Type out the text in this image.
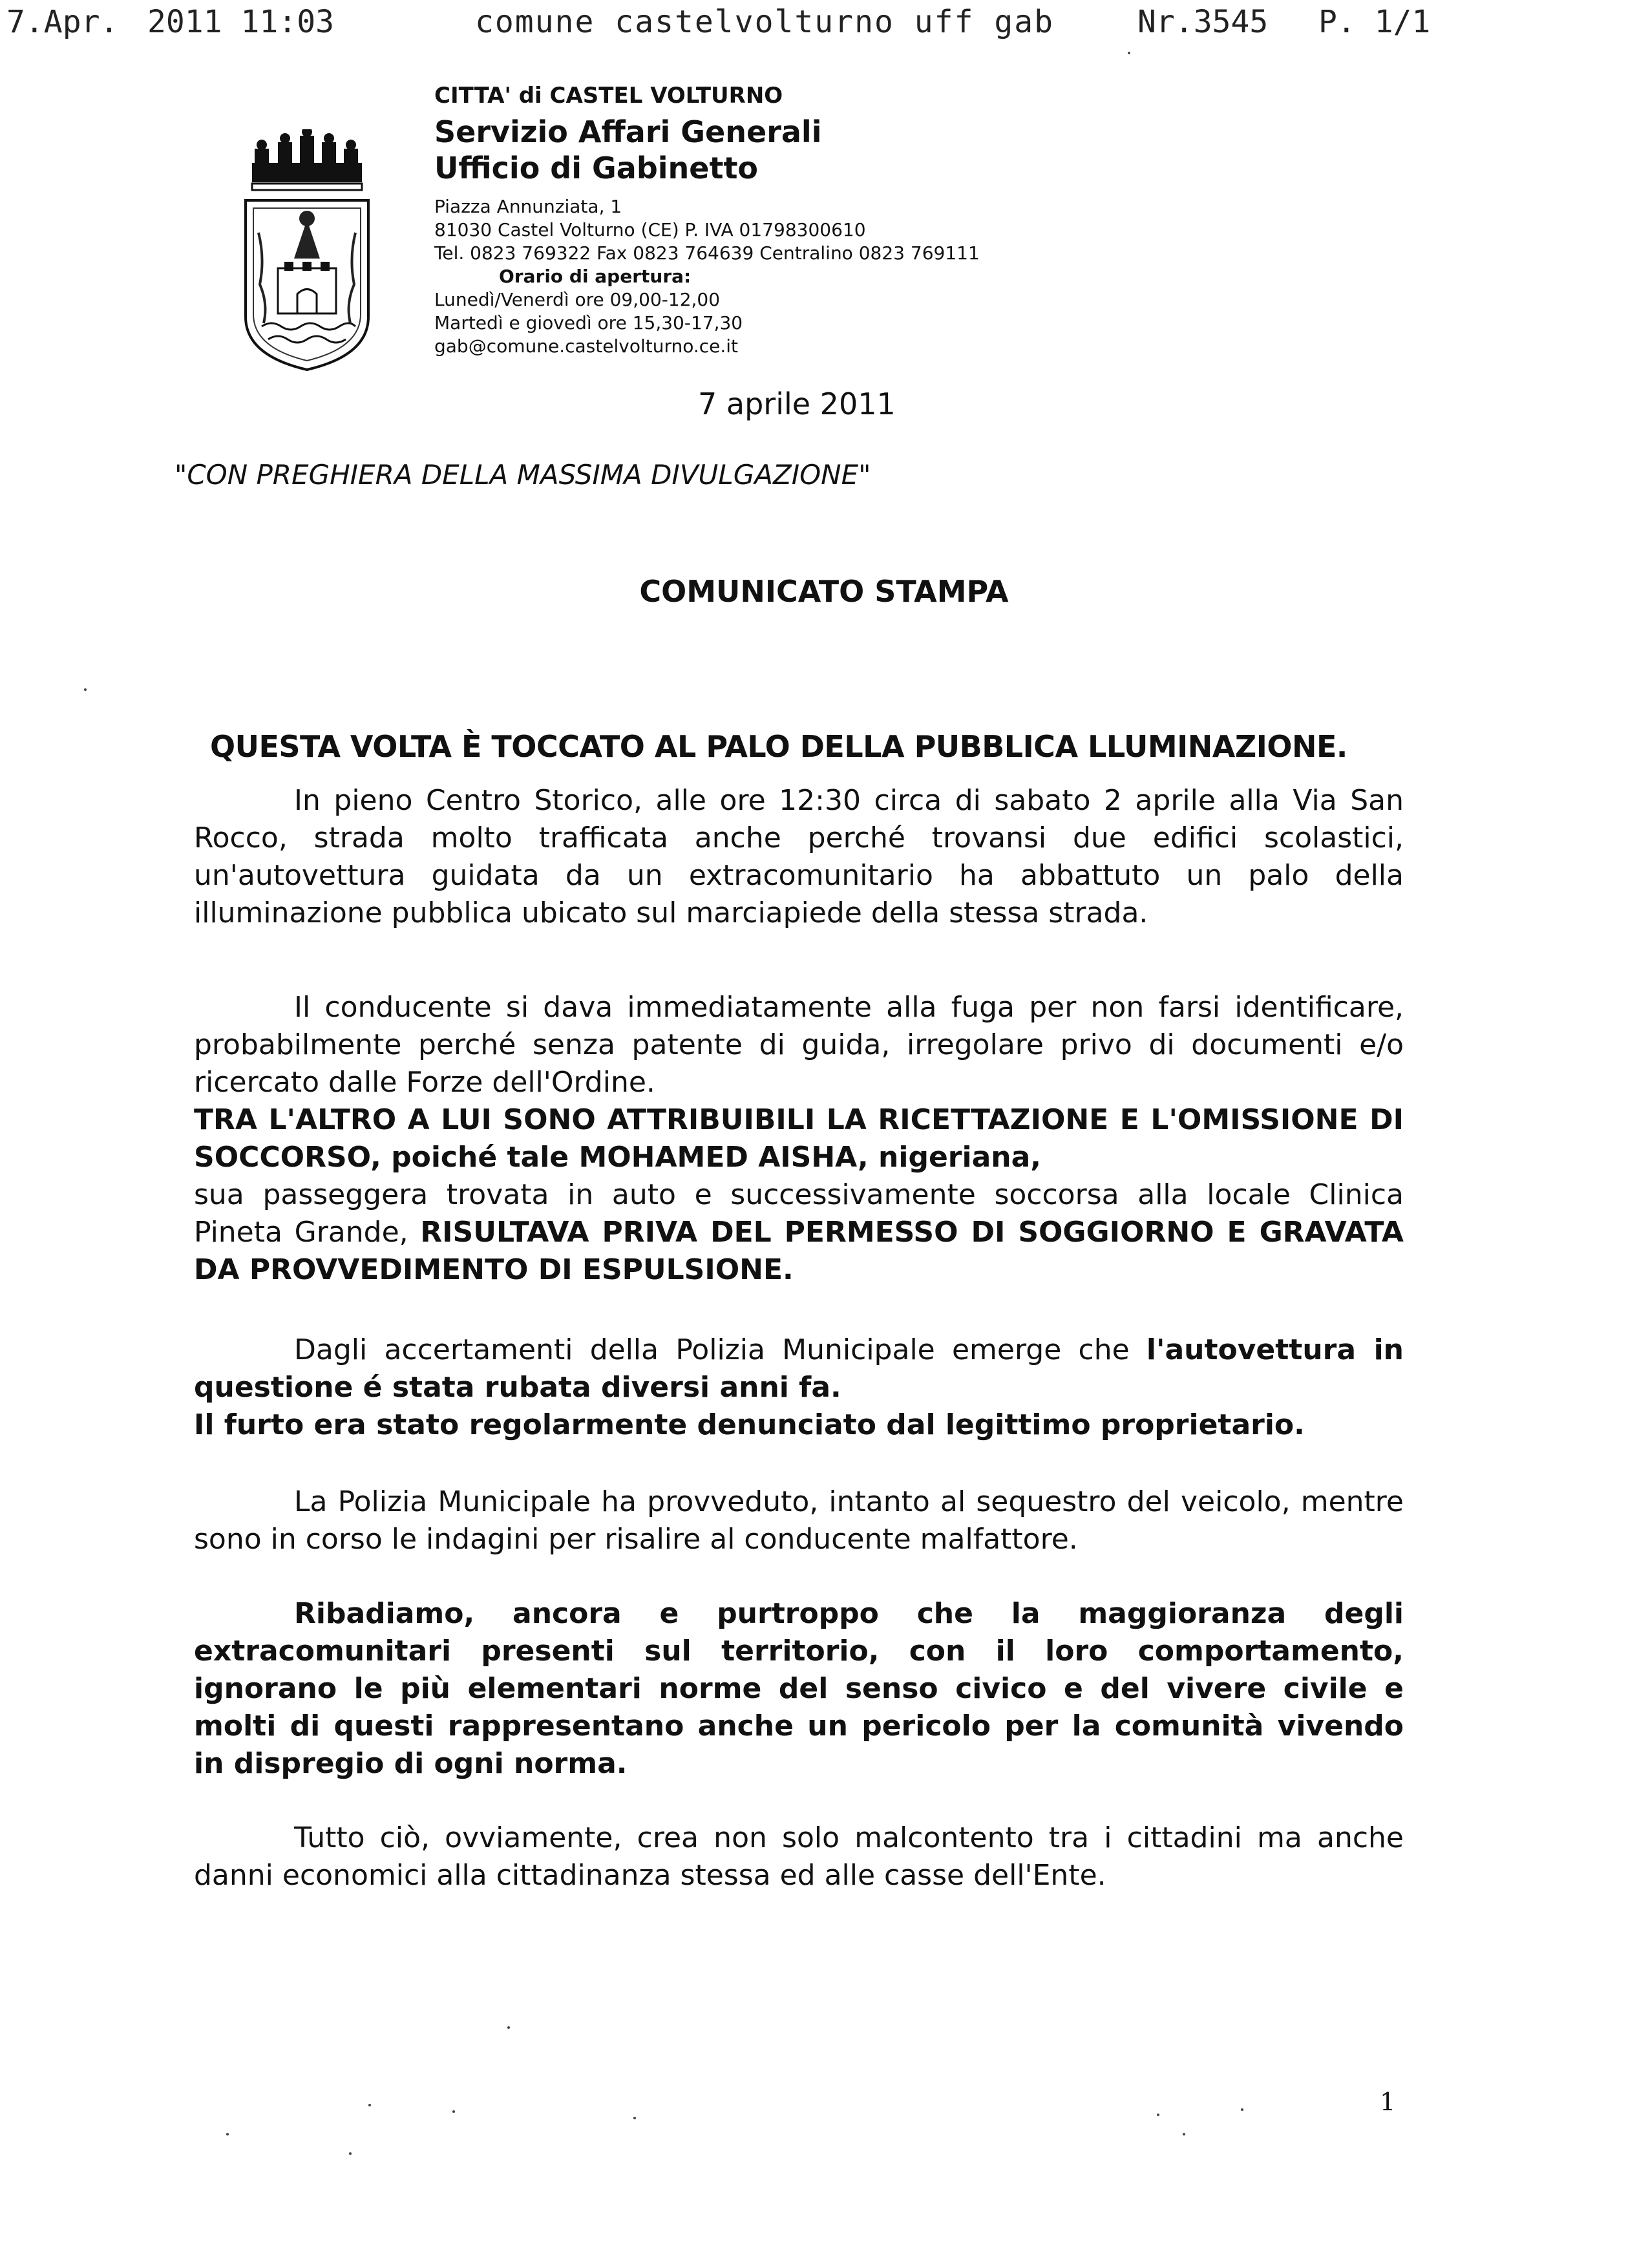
7.Apr. 2011 11:03	comune castelvolturno uff gab	Nr.3545 P. 1/1
CITTA' di CASTEL VOLTURNO
Servizio Affari Generali
Ufficio di Gabinetto
Piazza Annunziata, 1
81030 Castel Volturno (CE) P. IVA 01798300610
Tel. 0823 769322 Fax 0823 764639 Centralino 0823 769111
Orario di apertura:
Lunedì/Venerdì ore 09,00-12,00
Martedì e giovedì ore 15,30-17,30
gab@comune.castelvolturno.ce.it
7 aprile 2011
"CON PREGHIERA DELLA MASSIMA DIVULGAZIONE"
COMUNICATO STAMPA
QUESTA VOLTA È TOCCATO AL PALO DELLA PUBBLICA LLUMINAZIONE.
In pieno Centro Storico, alle ore 12:30 circa di sabato 2 aprile alla Via San Rocco, strada molto trafficata anche perché trovansi due edifici scolastici, un'autovettura guidata da un extracomunitario ha abbattuto un palo della illuminazione pubblica ubicato sul marciapiede della stessa strada.
Il conducente si dava immediatamente alla fuga per non farsi identificare, probabilmente perché senza patente di guida, irregolare privo di documenti e/o ricercato dalle Forze dell'Ordine.
TRA L'ALTRO A LUI SONO ATTRIBUIBILI LA RICETTAZIONE E L'OMISSIONE DI SOCCORSO, poiché tale MOHAMED AISHA, nigeriana,
sua passeggera trovata in auto e successivamente soccorsa alla locale Clinica Pineta Grande, RISULTAVA PRIVA DEL PERMESSO DI SOGGIORNO E GRAVATA DA PROVVEDIMENTO DI ESPULSIONE.
Dagli accertamenti della Polizia Municipale emerge che l'autovettura in questione é stata rubata diversi anni fa.
Il furto era stato regolarmente denunciato dal legittimo proprietario.
La Polizia Municipale ha provveduto, intanto al sequestro del veicolo, mentre sono in corso le indagini per risalire al conducente malfattore.
Ribadiamo, ancora e purtroppo che la maggioranza degli extracomunitari presenti sul territorio, con il loro comportamento, ignorano le più elementari norme del senso civico e del vivere civile e molti di questi rappresentano anche un pericolo per la comunità vivendo in dispregio di ogni norma.
Tutto ciò, ovviamente, crea non solo malcontento tra i cittadini ma anche danni economici alla cittadinanza stessa ed alle casse dell'Ente.
1
